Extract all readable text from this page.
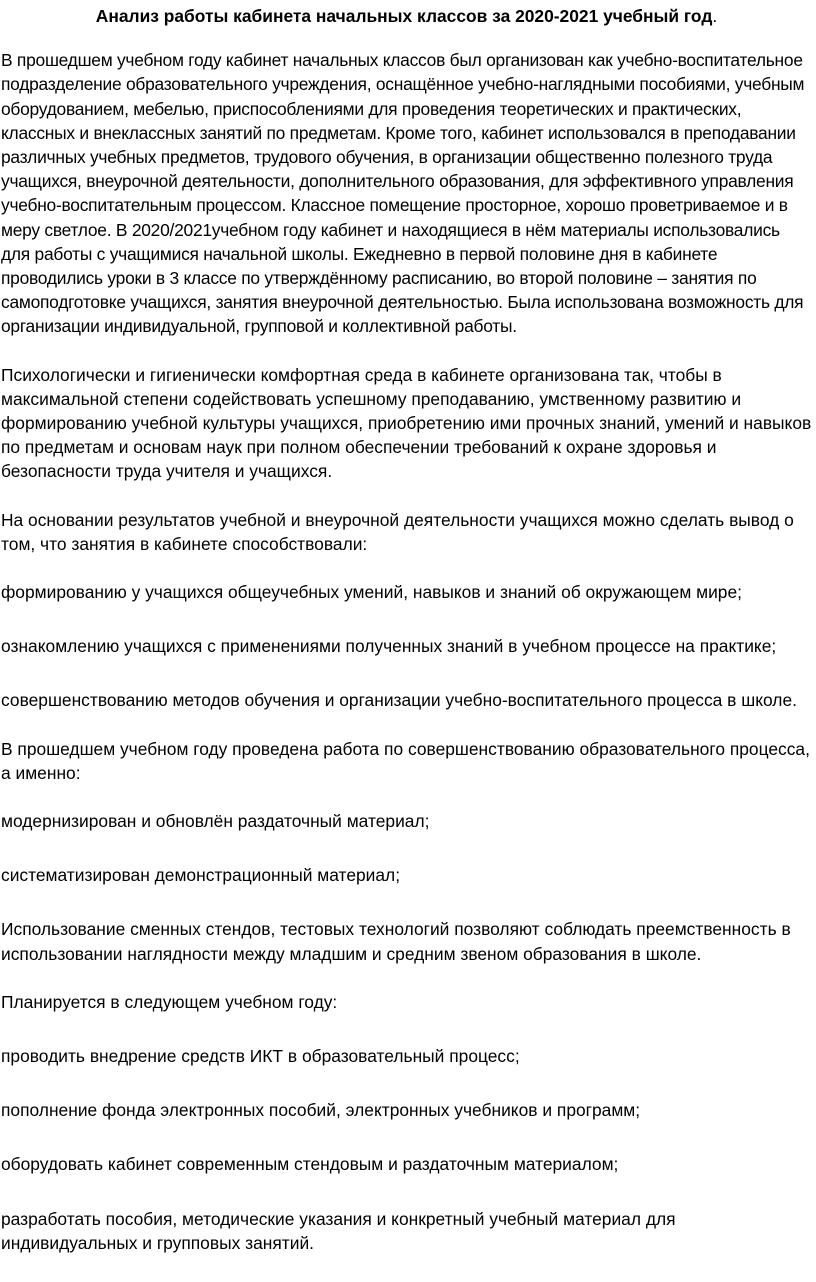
Анализ работы кабинета начальных классов за 2020-2021 учебный год.

В прошедшем учебном году кабинет начальных классов был организован как учебно-воспитательное подразделение образовательного учреждения, оснащённое учебно-наглядными пособиями, учебным оборудованием, мебелью, приспособлениями для проведения теоретических и практических, классных и внеклассных занятий по предметам. Кроме того, кабинет использовался в преподавании различных учебных предметов, трудового обучения, в организации общественно полезного труда учащихся, внеурочной деятельности, дополнительного образования, для эффективного управления учебно-воспитательным процессом. Классное помещение просторное, хорошо проветриваемое и в меру светлое. В 2020/2021учебном году кабинет и находящиеся в нём материалы использовались для работы с учащимися начальной школы. Ежедневно в первой половине дня в кабинете проводились уроки в 3 классе по утверждённому расписанию, во второй половине – занятия по самоподготовке учащихся, занятия внеурочной деятельностью. Была использована возможность для организации индивидуальной, групповой и коллективной работы.

Психологически и гигиенически комфортная среда в кабинете организована так, чтобы в максимальной степени содействовать успешному преподаванию, умственному развитию и формированию учебной культуры учащихся, приобретению ими прочных знаний, умений и навыков по предметам и основам наук при полном обеспечении требований к охране здоровья и безопасности труда учителя и учащихся.

На основании результатов учебной и внеурочной деятельности учащихся можно сделать вывод о том, что занятия в кабинете способствовали:

формированию у учащихся общеучебных умений, навыков и знаний об окружающем мире;

ознакомлению учащихся с применениями полученных знаний в учебном процессе на практике;

совершенствованию методов обучения и организации учебно-воспитательного процесса в школе.

В прошедшем учебном году проведена работа по совершенствованию образовательного процесса, а именно:

модернизирован и обновлён раздаточный материал;

систематизирован демонстрационный материал;

Использование сменных стендов, тестовых технологий позволяют соблюдать преемственность в использовании наглядности между младшим и средним звеном образования в школе.

Планируется в следующем учебном году:

проводить внедрение средств ИКТ в образовательный процесс;

пополнение фонда электронных пособий, электронных учебников и программ;

оборудовать кабинет современным стендовым и раздаточным материалом;

разработать пособия, методические указания и конкретный учебный материал для индивидуальных и групповых занятий.
